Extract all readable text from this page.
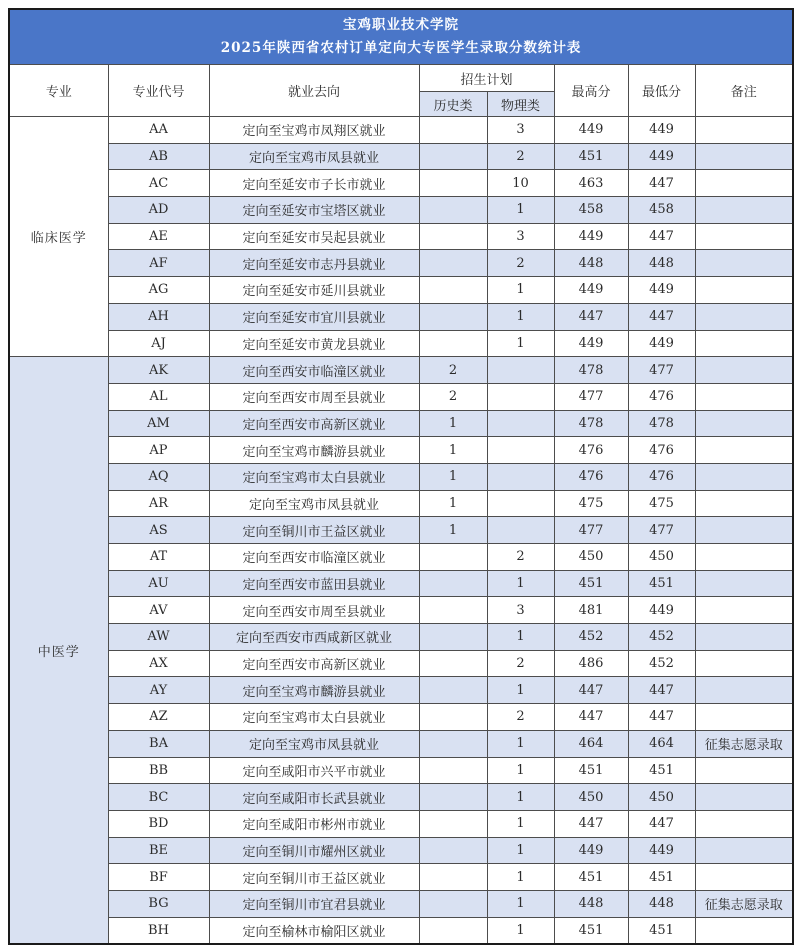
宝鸡职业技术学院
2025年陕西省农村订单定向大专医学生录取分数统计表							

专业	专业代号	就业去向	招生计划		最高分	最低分	备注
			历史类	物理类			
临床医学	AA	定向至宝鸡市凤翔区就业		3	449	449	
	AB	定向至宝鸡市凤县就业		2	451	449	
	AC	定向至延安市子长市就业		10	463	447	
	AD	定向至延安市宝塔区就业		1	458	458	
	AE	定向至延安市吴起县就业		3	449	447	
	AF	定向至延安市志丹县就业		2	448	448	
	AG	定向至延安市延川县就业		1	449	449	
	AH	定向至延安市宜川县就业		1	447	447	
	AJ	定向至延安市黄龙县就业		1	449	449	
中医学	AK	定向至西安市临潼区就业	2		478	477	
	AL	定向至西安市周至县就业	2		477	476	
	AM	定向至西安市高新区就业	1		478	478	
	AP	定向至宝鸡市麟游县就业	1		476	476	
	AQ	定向至宝鸡市太白县就业	1		476	476	
	AR	定向至宝鸡市凤县就业	1		475	475	
	AS	定向至铜川市王益区就业	1		477	477	
	AT	定向至西安市临潼区就业		2	450	450	
	AU	定向至西安市蓝田县就业		1	451	451	
	AV	定向至西安市周至县就业		3	481	449	
	AW	定向至西安市西咸新区就业		1	452	452	
	AX	定向至西安市高新区就业		2	486	452	
	AY	定向至宝鸡市麟游县就业		1	447	447	
	AZ	定向至宝鸡市太白县就业		2	447	447	
	BA	定向至宝鸡市凤县就业		1	464	464	征集志愿录取
	BB	定向至咸阳市兴平市就业		1	451	451	
	BC	定向至咸阳市长武县就业		1	450	450	
	BD	定向至咸阳市彬州市就业		1	447	447	
	BE	定向至铜川市耀州区就业		1	449	449	
	BF	定向至铜川市王益区就业		1	451	451	
	BG	定向至铜川市宜君县就业		1	448	448	征集志愿录取
	BH	定向至榆林市榆阳区就业		1	451	451	
